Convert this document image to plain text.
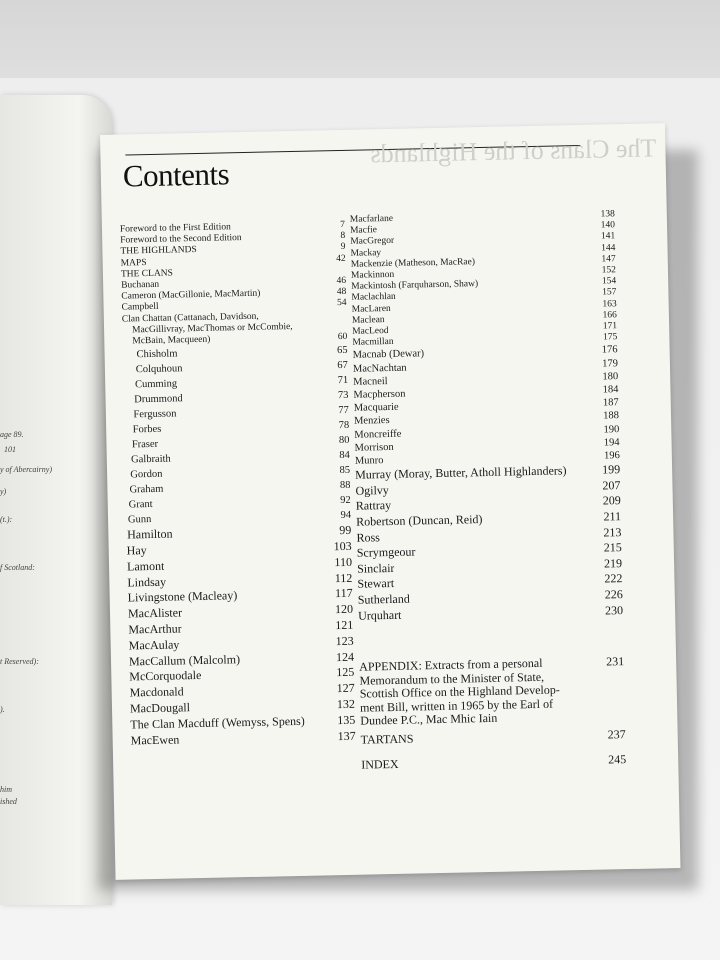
age 89.
101
y of Abercairny)
y)
(t.):
f Scotland:
t Reserved):
).
him
ished
The Clans of the Highlands
Contents
Foreword to the First Edition	7
Foreword to the Second Edition	8
THE HIGHLANDS	9
MAPS	42
THE CLANS
Buchanan	46
Cameron (MacGillonie, MacMartin)	48
Campbell	54
Clan Chattan (Cattanach, Davidson,
MacGillivray, MacThomas or McCombie,
McBain, Macqueen)	60
Chisholm	65
Colquhoun	67
Cumming	71
Drummond	73
Fergusson	77
Forbes	78
Fraser	80
Galbraith	84
Gordon	85
Graham	88
Grant	92
Gunn	94
Hamilton	99
Hay	103
Lamont	110
Lindsay	112
Livingstone (Macleay)	117
MacAlister	120
MacArthur	121
MacAulay	123
MacCallum (Malcolm)	124
McCorquodale	125
Macdonald	127
MacDougall	132
The Clan Macduff (Wemyss, Spens)	135
MacEwen	137
Macfarlane	138
Macfie	140
MacGregor	141
Mackay	144
Mackenzie (Matheson, MacRae)	147
Mackinnon	152
Mackintosh (Farquharson, Shaw)	154
Maclachlan	157
MacLaren	163
Maclean	166
MacLeod	171
Macmillan	175
Macnab (Dewar)	176
MacNachtan	179
Macneil	180
Macpherson	184
Macquarie	187
Menzies	188
Moncreiffe	190
Morrison	194
Munro	196
Murray (Moray, Butter, Atholl Highlanders)	199
Ogilvy	207
Rattray	209
Robertson (Duncan, Reid)	211
Ross	213
Scrymgeour	215
Sinclair	219
Stewart	222
Sutherland	226
Urquhart	230
APPENDIX: Extracts from a personal
Memorandum to the Minister of State,
Scottish Office on the Highland Develop-
ment Bill, written in 1965 by the Earl of
Dundee P.C., Mac Mhic Iain
231
TARTANS	237
INDEX	245
